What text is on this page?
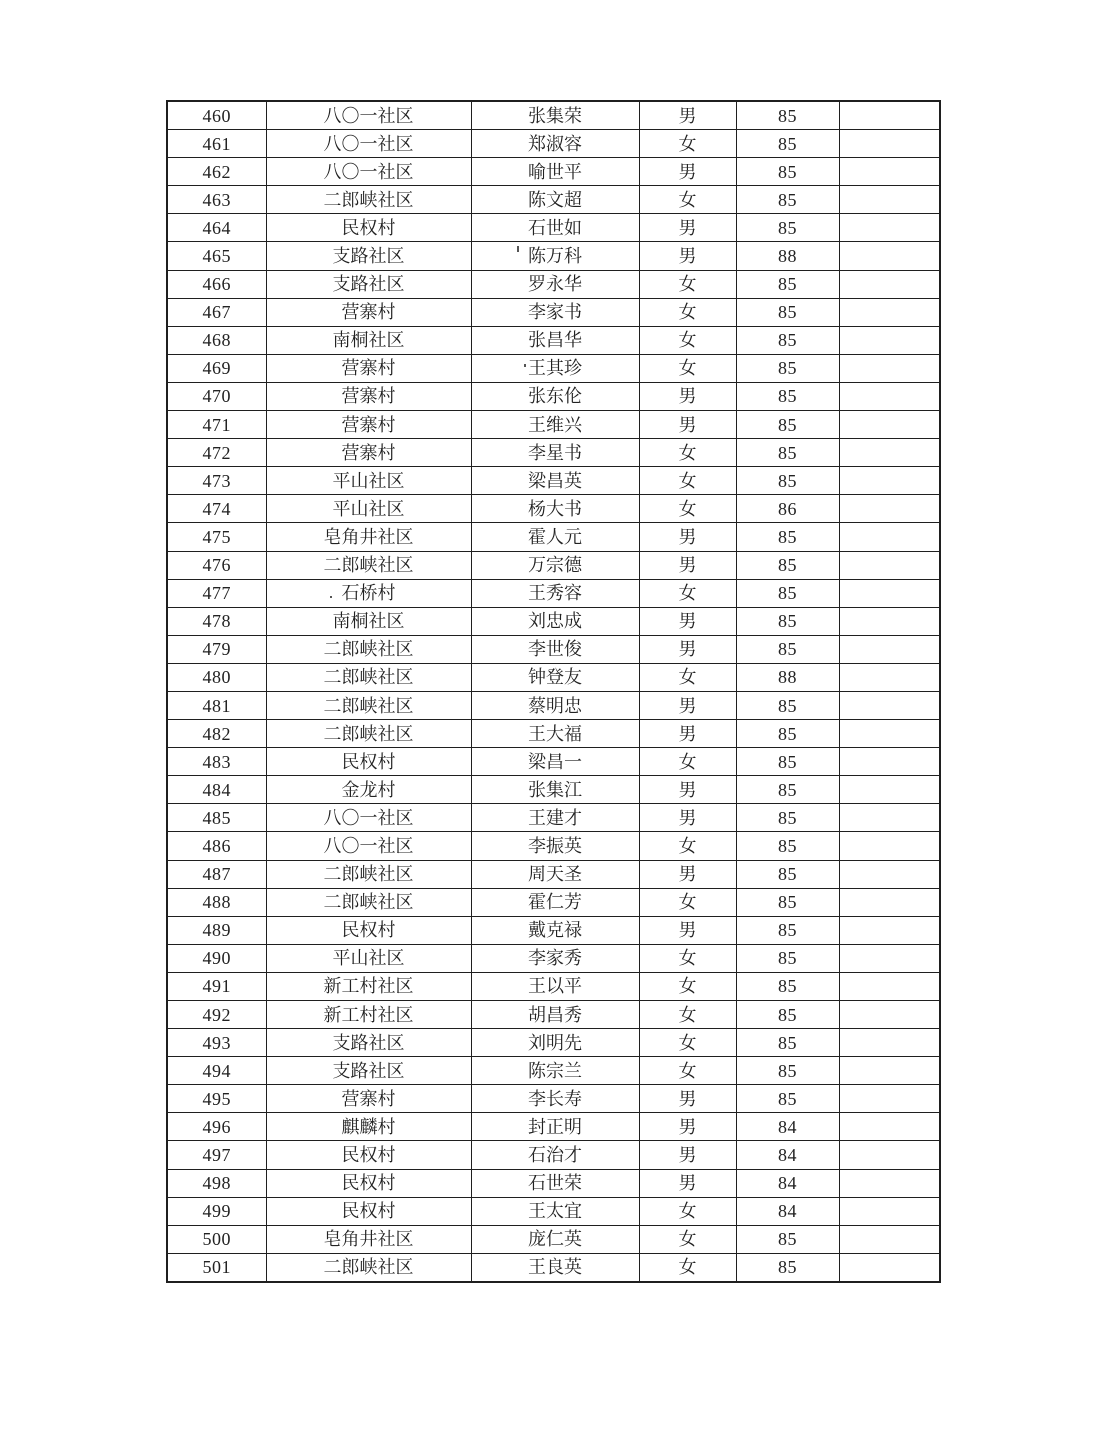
460	八〇一社区	张集荣	男	85	
461	八〇一社区	郑淑容	女	85	
462	八〇一社区	喻世平	男	85	
463	二郎峡社区	陈文超	女	85	
464	民权村	石世如	男	85	
465	支路社区	陈万科	男	88	
466	支路社区	罗永华	女	85	
467	营寨村	李家书	女	85	
468	南桐社区	张昌华	女	85	
469	营寨村	王其珍	女	85	
470	营寨村	张东伦	男	85	
471	营寨村	王维兴	男	85	
472	营寨村	李星书	女	85	
473	平山社区	梁昌英	女	85	
474	平山社区	杨大书	女	86	
475	皂角井社区	霍人元	男	85	
476	二郎峡社区	万宗德	男	85	
477	石桥村	王秀容	女	85	
478	南桐社区	刘忠成	男	85	
479	二郎峡社区	李世俊	男	85	
480	二郎峡社区	钟登友	女	88	
481	二郎峡社区	蔡明忠	男	85	
482	二郎峡社区	王大福	男	85	
483	民权村	梁昌一	女	85	
484	金龙村	张集江	男	85	
485	八〇一社区	王建才	男	85	
486	八〇一社区	李振英	女	85	
487	二郎峡社区	周天圣	男	85	
488	二郎峡社区	霍仁芳	女	85	
489	民权村	戴克禄	男	85	
490	平山社区	李家秀	女	85	
491	新工村社区	王以平	女	85	
492	新工村社区	胡昌秀	女	85	
493	支路社区	刘明先	女	85	
494	支路社区	陈宗兰	女	85	
495	营寨村	李长寿	男	85	
496	麒麟村	封正明	男	84	
497	民权村	石治才	男	84	
498	民权村	石世荣	男	84	
499	民权村	王太宜	女	84	
500	皂角井社区	庞仁英	女	85	
501	二郎峡社区	王良英	女	85	
